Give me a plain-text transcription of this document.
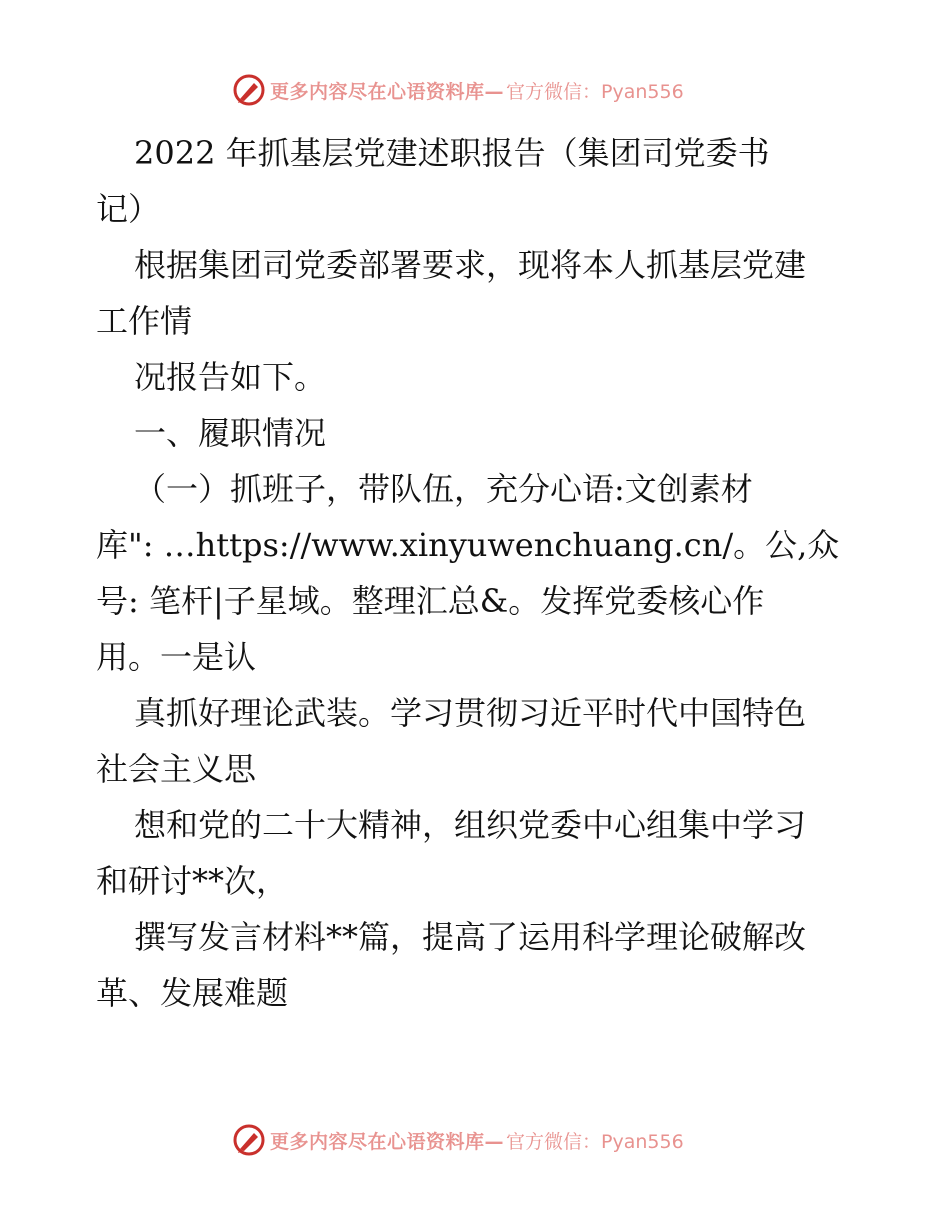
更多内容尽在心语资料库— 官方微信：Pyan556
2022 年抓基层党建述职报告（集团司党委书
记）
根据集团司党委部署要求，现将本人抓基层党建
工作情
况报告如下。
一、履职情况
（一）抓班子，带队伍，充分心语:文创素材
库": …https://www.xinyuwenchuang.cn/。公,众
号: 笔杆|子星域。整理汇总&。发挥党委核心作
用。一是认
真抓好理论武装。学习贯彻习近平时代中国特色
社会主义思
想和党的二十大精神，组织党委中心组集中学习
和研讨**次，
撰写发言材料**篇，提高了运用科学理论破解改
革、发展难题
更多内容尽在心语资料库— 官方微信：Pyan556
